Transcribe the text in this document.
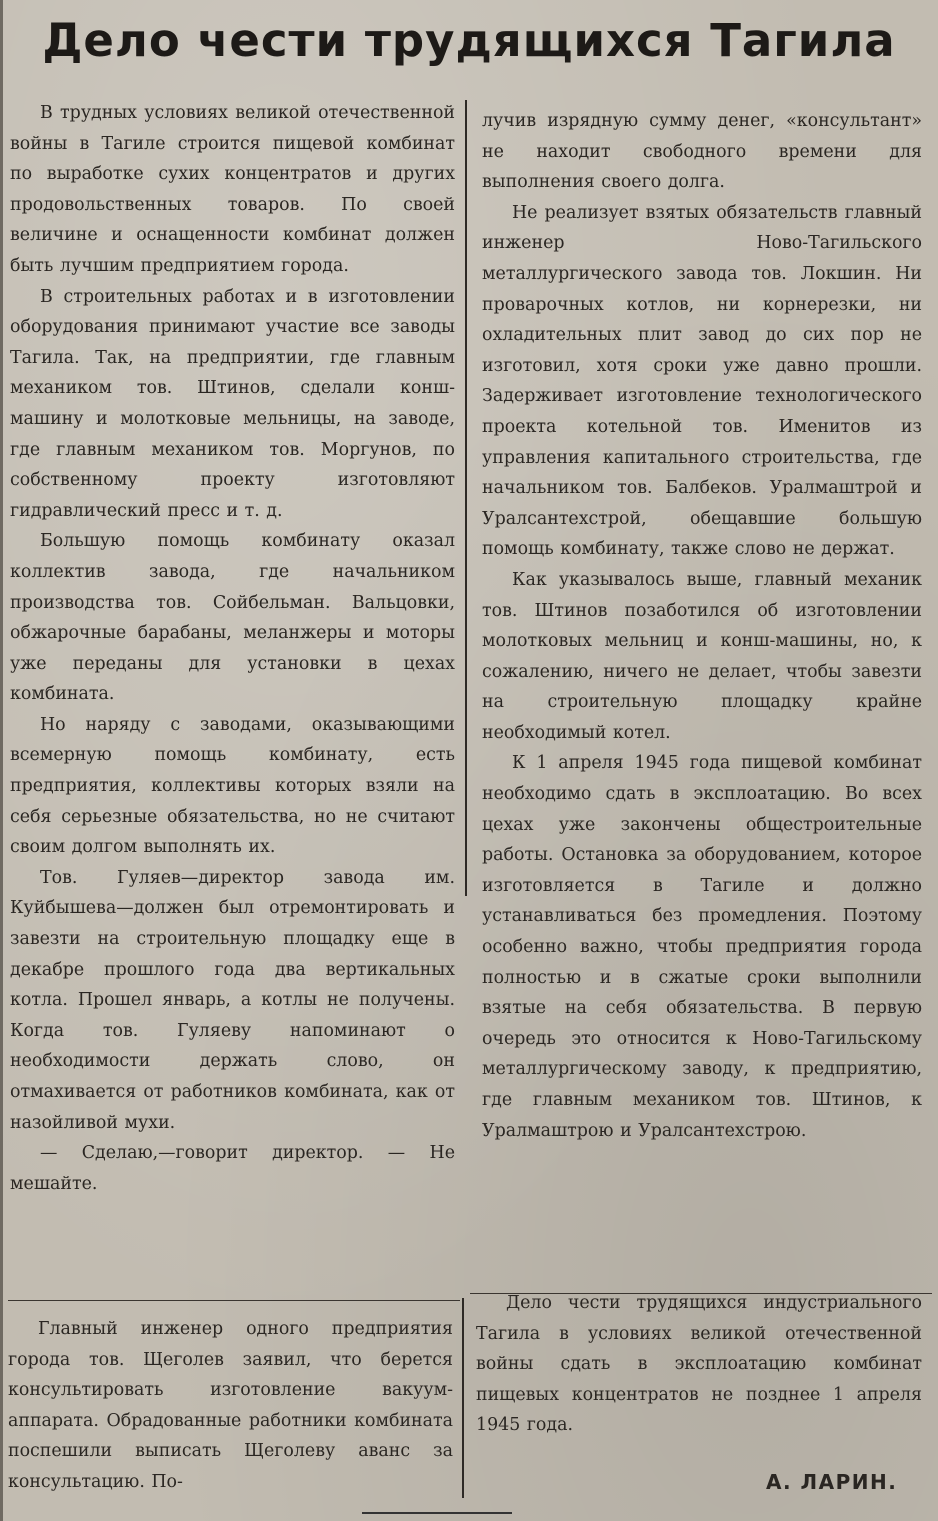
Дело чести трудящихся Тагила

В трудных условиях великой отечественной войны в Тагиле строится пищевой комбинат по выработке сухих концентратов и других продовольственных товаров. По своей величине и оснащенности комбинат должен быть лучшим предприятием города.

В строительных работах и в изготовлении оборудования принимают участие все заводы Тагила. Так, на предприятии, где главным механиком тов. Штинов, сделали конш-машину и молотковые мельницы, на заводе, где главным механиком тов. Моргунов, по собственному проекту изготовляют гидравлический пресс и т. д.

Большую помощь комбинату оказал коллектив завода, где начальником производства тов. Сойбельман. Вальцовки, обжарочные барабаны, меланжеры и моторы уже переданы для установки в цехах комбината.

Но наряду с заводами, оказывающими всемерную помощь комбинату, есть предприятия, коллективы которых взяли на себя серьезные обязательства, но не считают своим долгом выполнять их.

Тов. Гуляев—директор завода им. Куйбышева—должен был отремонтировать и завезти на строительную площадку еще в декабре прошлого года два вертикальных котла. Прошел январь, а котлы не получены. Когда тов. Гуляеву напоминают о необходимости держать слово, он отмахивается от работников комбината, как от назойливой мухи.

— Сделаю,—говорит директор. — Не мешайте.

Главный инженер одного предприятия города тов. Щеголев заявил, что берется консультировать изготовление вакуум-аппарата. Обрадованные работники комбината поспешили выписать Щеголеву аванс за консультацию. По-

лучив изрядную сумму денег, «консультант» не находит свободного времени для выполнения своего долга.

Не реализует взятых обязательств главный инженер Ново-Тагильского металлургического завода тов. Локшин. Ни проварочных котлов, ни корнерезки, ни охладительных плит завод до сих пор не изготовил, хотя сроки уже давно прошли. Задерживает изготовление технологического проекта котельной тов. Именитов из управления капитального строительства, где начальником тов. Балбеков. Уралмаштрой и Уралсантехстрой, обещавшие большую помощь комбинату, также слово не держат.

Как указывалось выше, главный механик тов. Штинов позаботился об изготовлении молотковых мельниц и конш-машины, но, к сожалению, ничего не делает, чтобы завезти на строительную площадку крайне необходимый котел.

К 1 апреля 1945 года пищевой комбинат необходимо сдать в эксплоатацию. Во всех цехах уже закончены общестроительные работы. Остановка за оборудованием, которое изготовляется в Тагиле и должно устанавливаться без промедления. Поэтому особенно важно, чтобы предприятия города полностью и в сжатые сроки выполнили взятые на себя обязательства. В первую очередь это относится к Ново-Тагильскому металлургическому заводу, к предприятию, где главным механиком тов. Штинов, к Уралмаштрою и Уралсантехстрою.

Дело чести трудящихся индустриального Тагила в условиях великой отечественной войны сдать в эксплоатацию комбинат пищевых концентратов не позднее 1 апреля 1945 года.

А. ЛАРИН.
